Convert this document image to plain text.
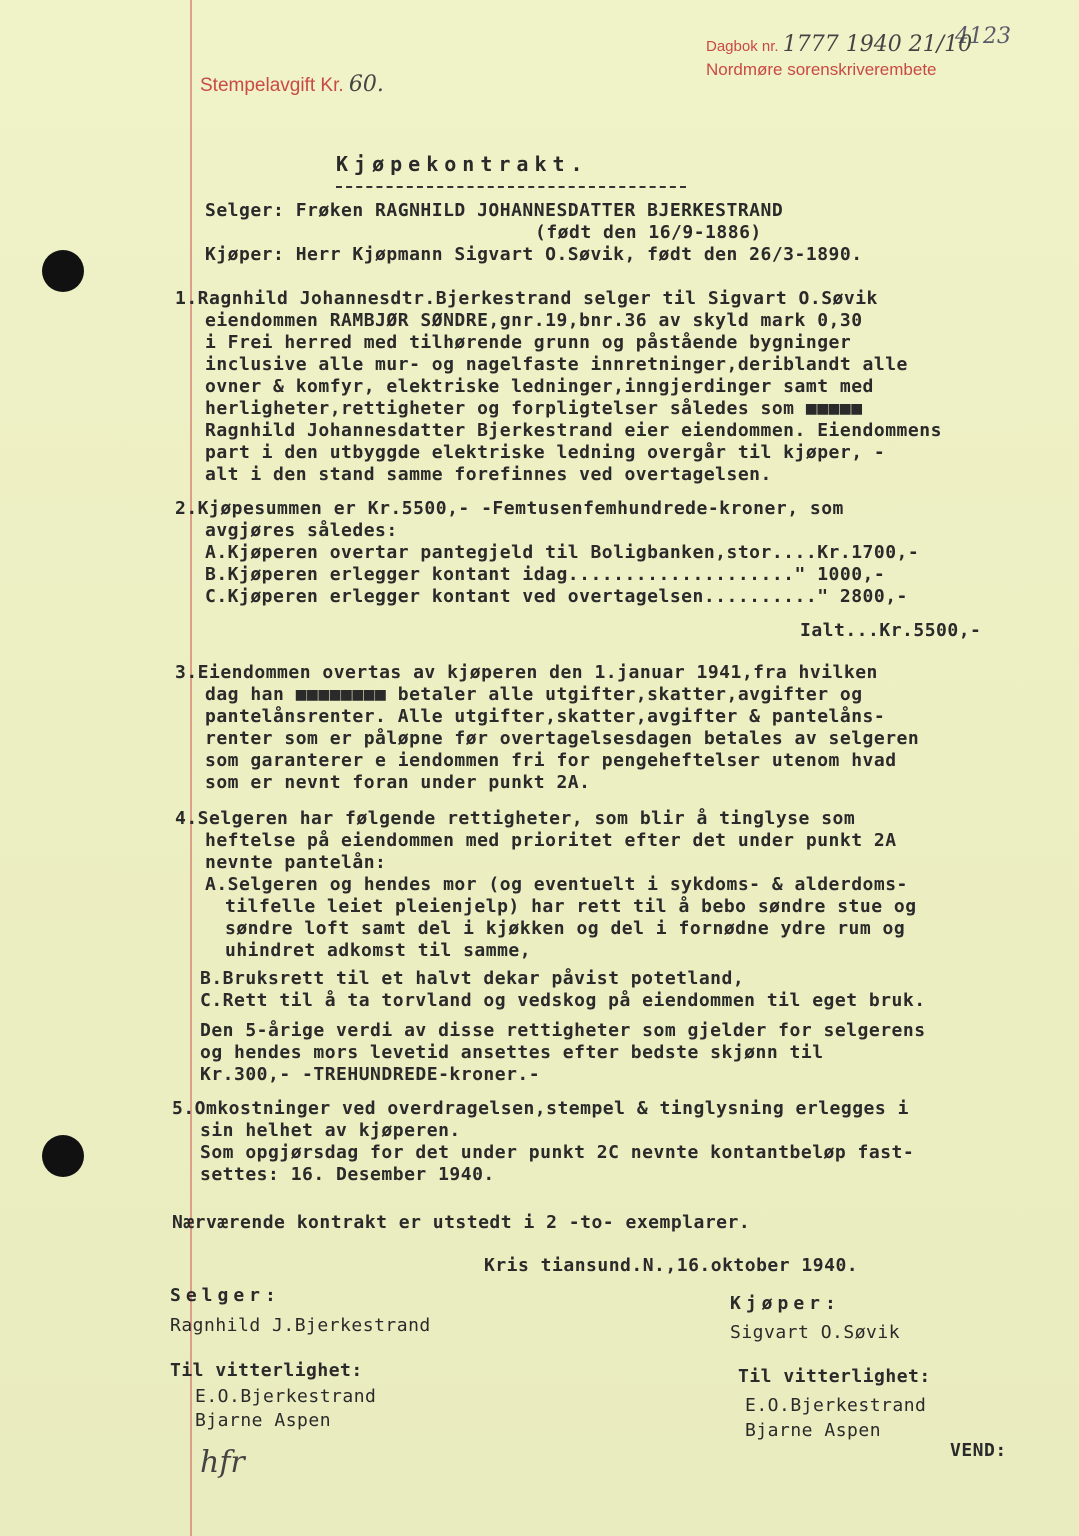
4123
Stempelavgift Kr. 60.
Dagbok nr. 1777 1940 21/10
Nordmøre sorenskriverembete
Kjøpekontrakt.
Selger: Frøken RAGNHILD JOHANNESDATTER BJERKESTRAND
(født den 16/9-1886)
Kjøper: Herr Kjøpmann Sigvart O.Søvik, født den 26/3-1890.
1.Ragnhild Johannesdtr.Bjerkestrand selger til Sigvart O.Søvik
eiendommen RAMBJØR SØNDRE,gnr.19,bnr.36 av skyld mark 0,30
i Frei herred med tilhørende grunn og påstående bygninger
inclusive alle mur- og nagelfaste innretninger,deriblandt alle
ovner & komfyr, elektriske ledninger,inngjerdinger samt med
herligheter,rettigheter og forpligtelser således som ■■■■■
Ragnhild Johannesdatter Bjerkestrand eier eiendommen. Eiendommens
part i den utbyggde elektriske ledning overgår til kjøper, -
alt i den stand samme forefinnes ved overtagelsen.
2.Kjøpesummen er Kr.5500,- -Femtusenfemhundrede-kroner, som
avgjøres således:
A.Kjøperen overtar pantegjeld til Boligbanken,stor....Kr.1700,-
B.Kjøperen erlegger kontant idag...................." 1000,-
C.Kjøperen erlegger kontant ved overtagelsen.........." 2800,-
Ialt...Kr.5500,-
3.Eiendommen overtas av kjøperen den 1.januar 1941,fra hvilken
dag han ■■■■■■■■ betaler alle utgifter,skatter,avgifter og
pantelånsrenter. Alle utgifter,skatter,avgifter & pantelåns-
renter som er påløpne før overtagelsesdagen betales av selgeren
som garanterer e iendommen fri for pengeheftelser utenom hvad
som er nevnt foran under punkt 2A.
4.Selgeren har følgende rettigheter, som blir å tinglyse som
heftelse på eiendommen med prioritet efter det under punkt 2A
nevnte pantelån:
A.Selgeren og hendes mor (og eventuelt i sykdoms- & alderdoms-
tilfelle leiet pleienjelp) har rett til å bebo søndre stue og
søndre loft samt del i kjøkken og del i fornødne ydre rum og
uhindret adkomst til samme,
B.Bruksrett til et halvt dekar påvist potetland,
C.Rett til å ta torvland og vedskog på eiendommen til eget bruk.
Den 5-årige verdi av disse rettigheter som gjelder for selgerens
og hendes mors levetid ansettes efter bedste skjønn til
Kr.300,- -TREHUNDREDE-kroner.-
5.Omkostninger ved overdragelsen,stempel & tinglysning erlegges i
sin helhet av kjøperen.
Som opgjørsdag for det under punkt 2C nevnte kontantbeløp fast-
settes: 16. Desember 1940.
Nærværende kontrakt er utstedt i 2 -to- exemplarer.
Kris tiansund.N.,16.oktober 1940.
Selger:
Ragnhild J.Bjerkestrand
Til vitterlighet:
E.O.Bjerkestrand
Bjarne Aspen
hfr
Kjøper:
Sigvart O.Søvik
Til vitterlighet:
E.O.Bjerkestrand
Bjarne Aspen
VEND:
